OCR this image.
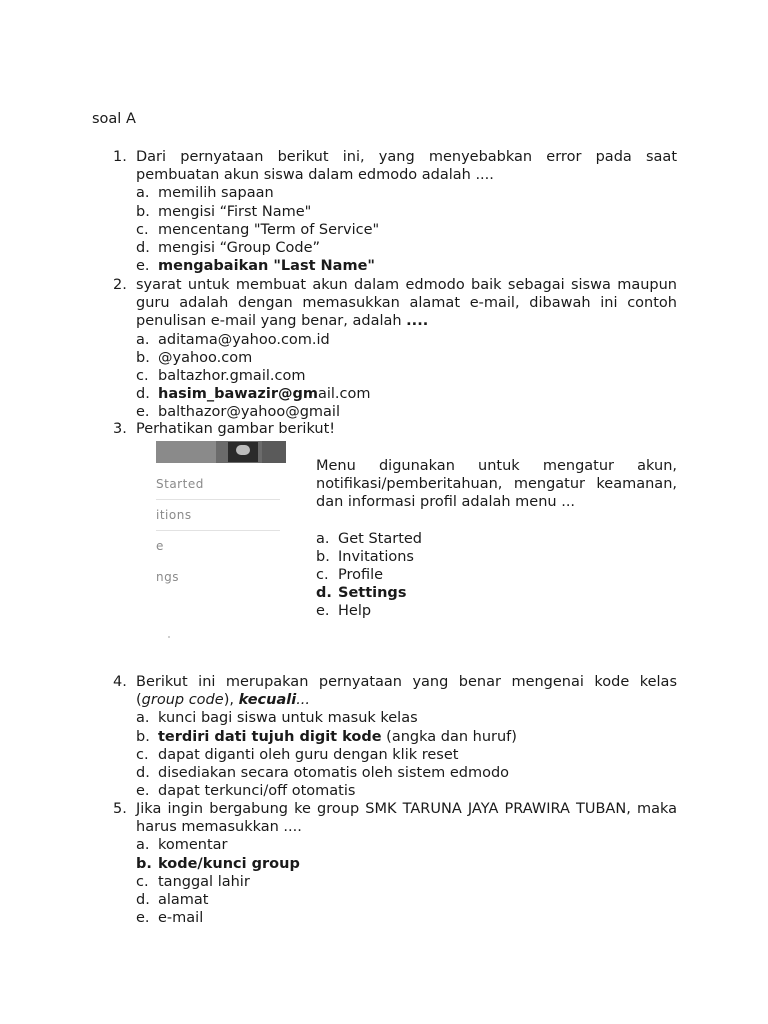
soal A
1. Dari pernyataan berikut ini, yang menyebabkan error pada saat pembuatan akun siswa dalam edmodo adalah ....
a. memilih sapaan
b. mengisi “First Name"
c. mencentang "Term of Service"
d. mengisi “Group Code”
e. mengabaikan "Last Name"
2. syarat untuk membuat akun dalam edmodo baik sebagai siswa maupun guru adalah dengan memasukkan alamat e-mail, dibawah ini contoh penulisan e-mail yang benar, adalah ....
a. aditama@yahoo.com.id
b. @yahoo.com
c. baltazhor.gmail.com
d. hasim_bawazir@gmail.com
e. balthazor@yahoo@gmail
3. Perhatikan gambar berikut!
Started
itions
e
ngs
Menu digunakan untuk mengatur akun, notifikasi/pemberitahuan, mengatur keamanan, dan informasi profil adalah menu ...
a. Get Started
b. Invitations
c. Profile
d. Settings
e. Help
4. Berikut ini merupakan pernyataan yang benar mengenai kode kelas (group code), kecuali...
a. kunci bagi siswa untuk masuk kelas
b. terdiri dati tujuh digit kode (angka dan huruf)
c. dapat diganti oleh guru dengan klik reset
d. disediakan secara otomatis oleh sistem edmodo
e. dapat terkunci/off otomatis
5. Jika ingin bergabung ke group SMK TARUNA JAYA PRAWIRA TUBAN, maka harus memasukkan ....
a. komentar
b. kode/kunci group
c. tanggal lahir
d. alamat
e. e-mail
